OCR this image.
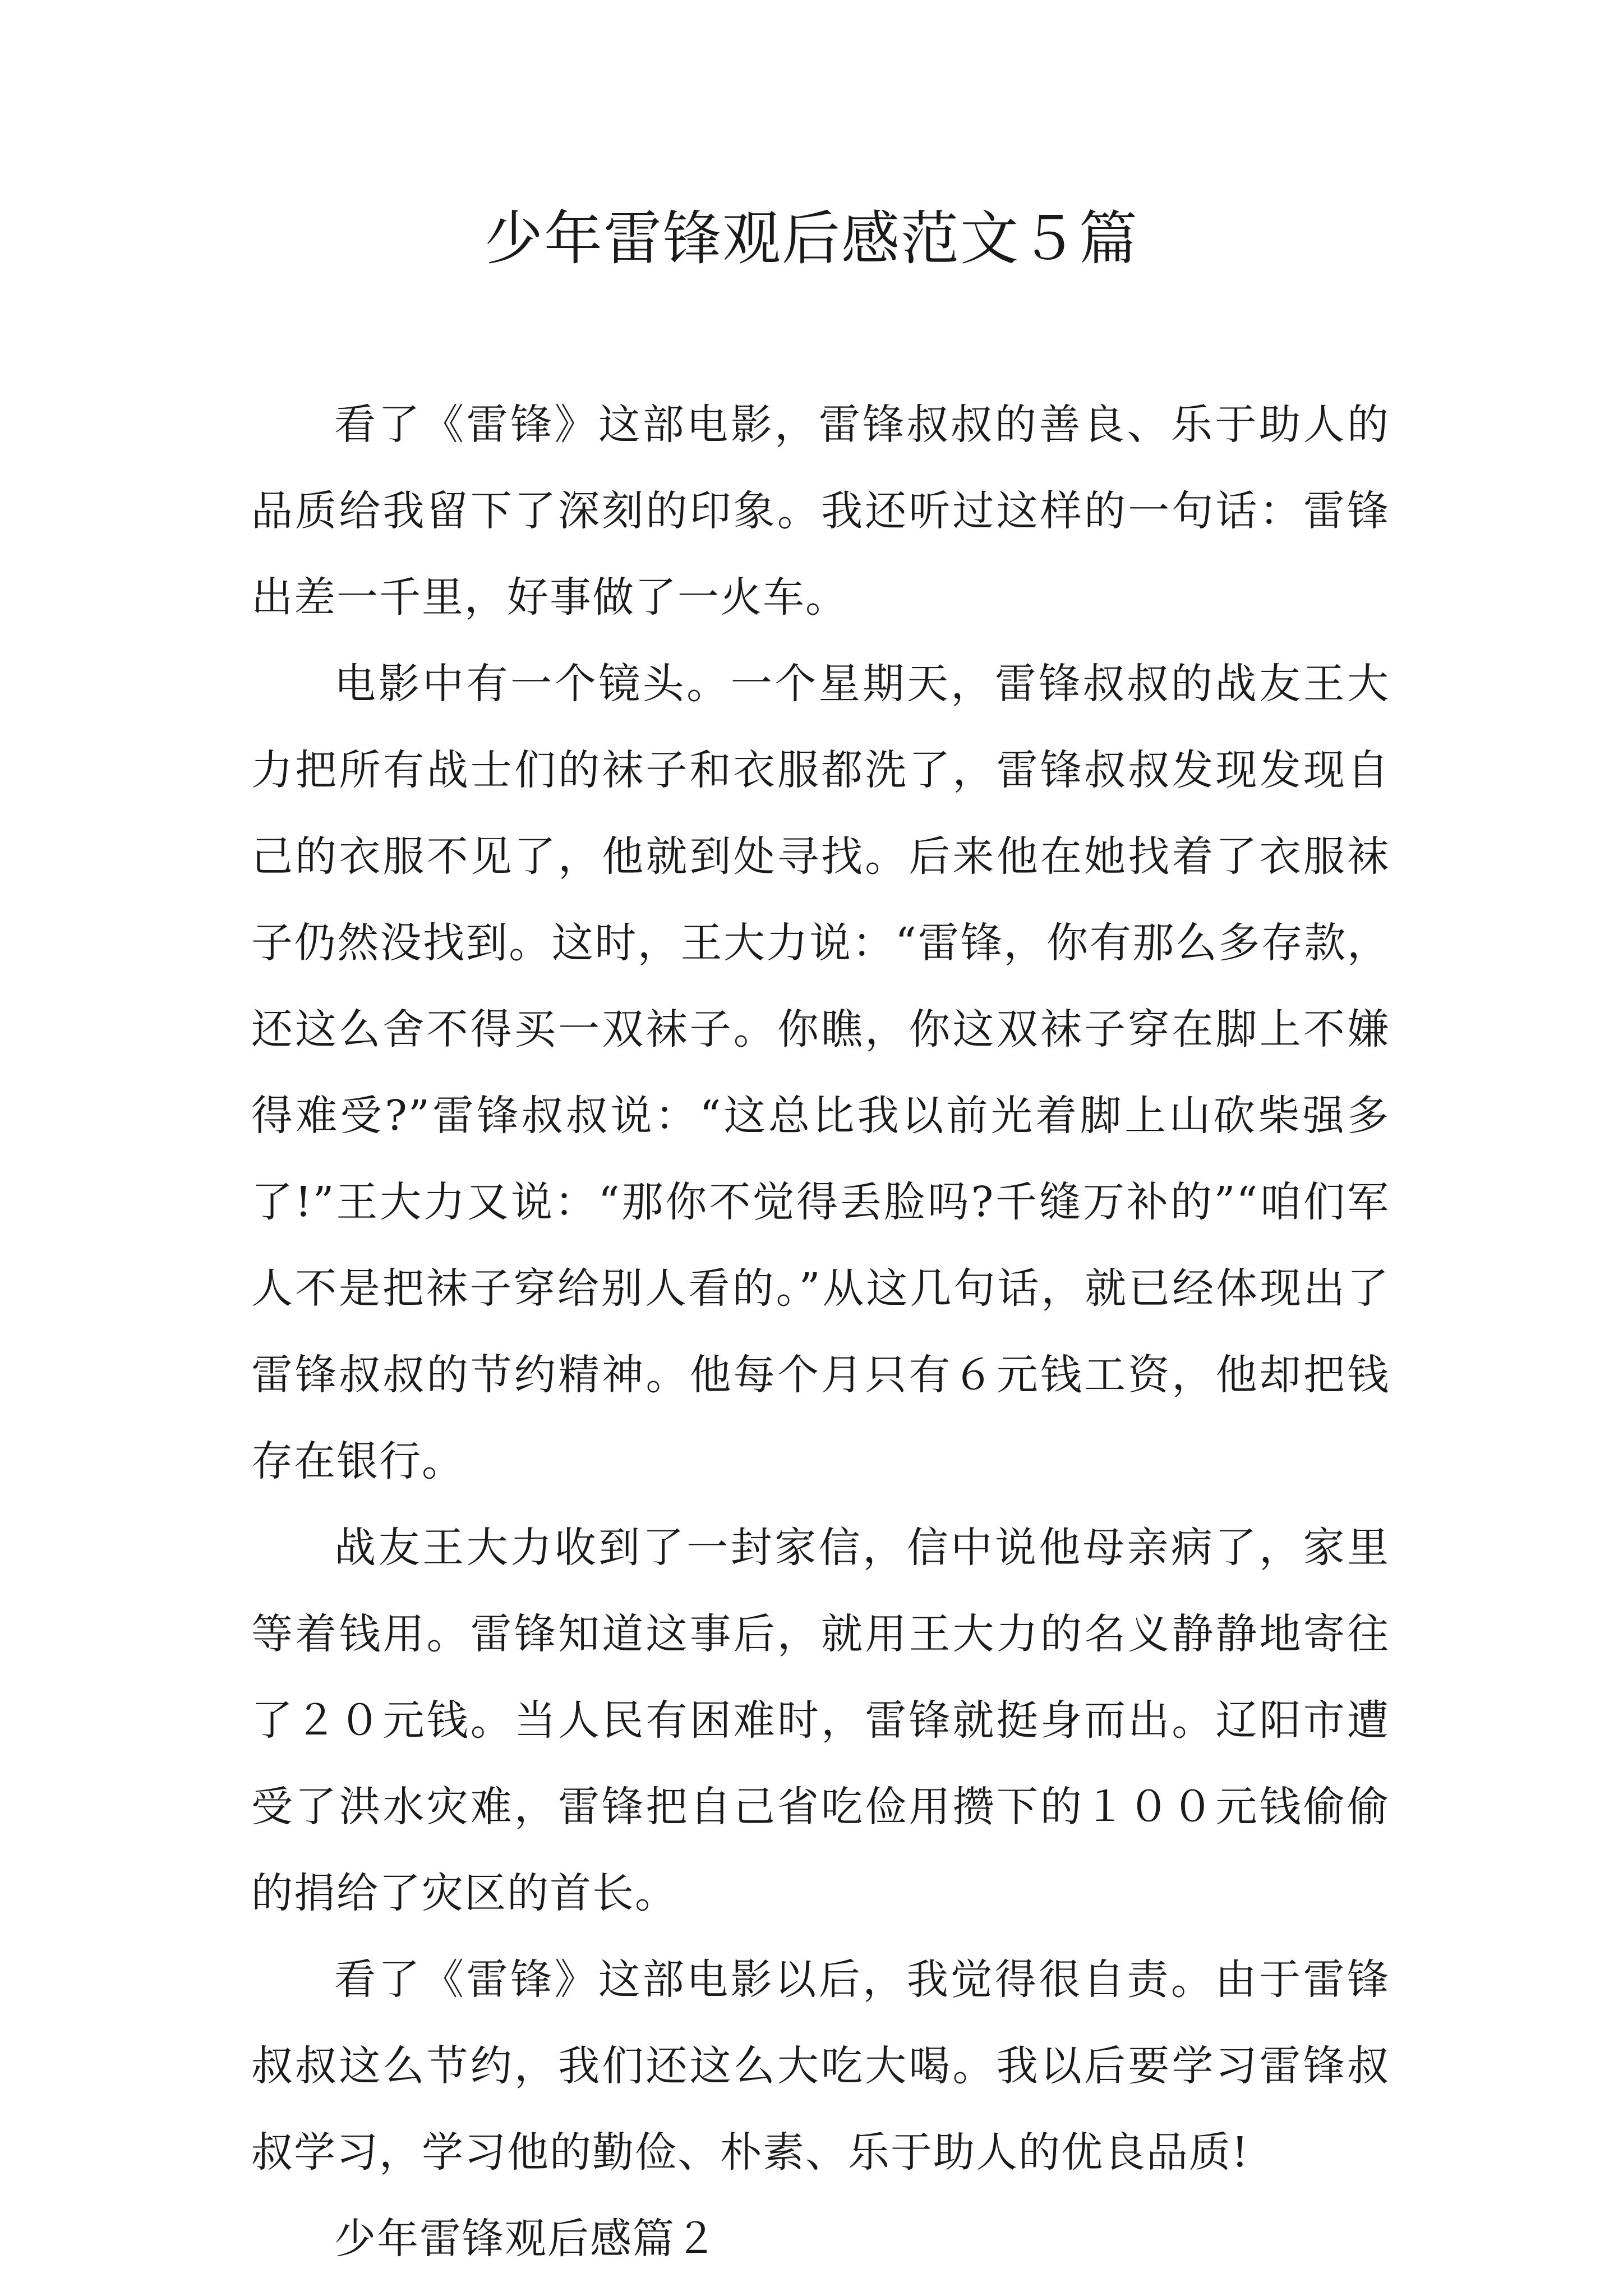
少年雷锋观后感范文５篇

看了《雷锋》这部电影，雷锋叔叔的善良、乐于助人的品质给我留下了深刻的印象。我还听过这样的一句话：雷锋出差一千里，好事做了一火车。

电影中有一个镜头。一个星期天，雷锋叔叔的战友王大力把所有战士们的袜子和衣服都洗了，雷锋叔叔发现发现自己的衣服不见了，他就到处寻找。后来他在她找着了衣服袜子仍然没找到。这时，王大力说：“雷锋，你有那么多存款，还这么舍不得买一双袜子。你瞧，你这双袜子穿在脚上不嫌得难受?”雷锋叔叔说：“这总比我以前光着脚上山砍柴强多了!”王大力又说：“那你不觉得丢脸吗?千缝万补的”“咱们军人不是把袜子穿给别人看的。”从这几句话，就已经体现出了雷锋叔叔的节约精神。他每个月只有６元钱工资，他却把钱存在银行。

战友王大力收到了一封家信，信中说他母亲病了，家里等着钱用。雷锋知道这事后，就用王大力的名义静静地寄往了２０元钱。当人民有困难时，雷锋就挺身而出。辽阳市遭受了洪水灾难，雷锋把自己省吃俭用攒下的１００元钱偷偷的捐给了灾区的首长。

看了《雷锋》这部电影以后，我觉得很自责。由于雷锋叔叔这么节约，我们还这么大吃大喝。我以后要学习雷锋叔叔学习，学习他的勤俭、朴素、乐于助人的优良品质!

少年雷锋观后感篇２
